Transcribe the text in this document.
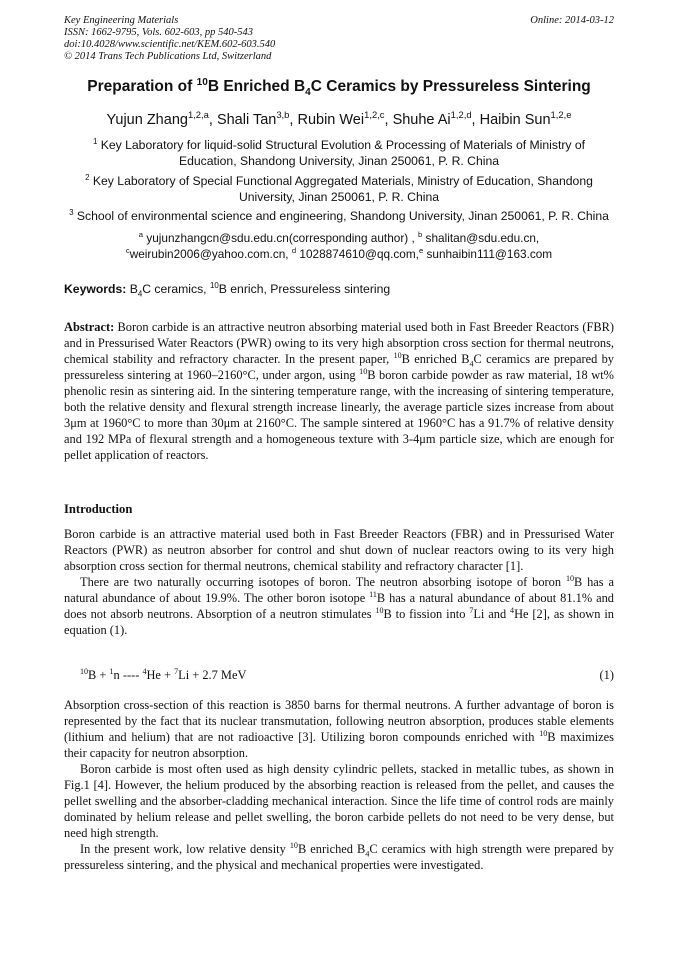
Key Engineering Materials
ISSN: 1662-9795, Vols. 602-603, pp 540-543
doi:10.4028/www.scientific.net/KEM.602-603.540
© 2014 Trans Tech Publications Ltd, Switzerland
Online: 2014-03-12
Preparation of $^{10}$B Enriched $B_4C$ Ceramics by Pressureless Sintering
Yujun Zhang$^{1,2,a}$, Shali Tan$^{3,b}$, Rubin Wei$^{1,2,c}$, Shuhe Ai$^{1,2,d}$, Haibin Sun$^{1,2,e}$
$^1$ Key Laboratory for liquid-solid Structural Evolution & Processing of Materials of Ministry of Education, Shandong University, Jinan 250061, P. R. China
$^2$ Key Laboratory of Special Functional Aggregated Materials, Ministry of Education, Shandong University, Jinan 250061, P. R. China
$^3$ School of environmental science and engineering, Shandong University, Jinan 250061, P. R. China
$^a$ yujunzhangcn@sdu.edu.cn(corresponding author) , $^b$ shalitan@sdu.edu.cn,
$^c$weirubin2006@yahoo.com.cn, $^d$ 1028874610@qq.com,$^e$ sunhaibin111@163.com
Keywords: $B_4C$ ceramics, $^{10}$B enrich, Pressureless sintering
Abstract: Boron carbide is an attractive neutron absorbing material used both in Fast Breeder Reactors (FBR) and in Pressurised Water Reactors (PWR) owing to its very high absorption cross section for thermal neutrons, chemical stability and refractory character. In the present paper, $^{10}$B enriched $B_4C$ ceramics are prepared by pressureless sintering at 1960–2160°C, under argon, using $^{10}$B boron carbide powder as raw material, 18 wt% phenolic resin as sintering aid. In the sintering temperature range, with the increasing of sintering temperature, both the relative density and flexural strength increase linearly, the average particle sizes increase from about 3μm at 1960°C to more than 30μm at 2160°C. The sample sintered at 1960°C has a 91.7% of relative density and 192 MPa of flexural strength and a homogeneous texture with 3-4μm particle size, which are enough for pellet application of reactors.
Introduction

Boron carbide is an attractive material used both in Fast Breeder Reactors (FBR) and in Pressurised Water Reactors (PWR) as neutron absorber for control and shut down of nuclear reactors owing to its very high absorption cross section for thermal neutrons, chemical stability and refractory character [1].

There are two naturally occurring isotopes of boron. The neutron absorbing isotope of boron $^{10}$B has a natural abundance of about 19.9%. The other boron isotope $^{11}$B has a natural abundance of about 81.1% and does not absorb neutrons. Absorption of a neutron stimulates $^{10}$B to fission into $^7$Li and $^4$He [2], as shown in equation (1).

$^{10}$B + $^1$n ---- $^4$He + $^7$Li + 2.7 MeV	(1)

Absorption cross-section of this reaction is 3850 barns for thermal neutrons. A further advantage of boron is represented by the fact that its nuclear transmutation, following neutron absorption, produces stable elements (lithium and helium) that are not radioactive [3]. Utilizing boron compounds enriched with $^{10}$B maximizes their capacity for neutron absorption.

Boron carbide is most often used as high density cylindric pellets, stacked in metallic tubes, as shown in Fig.1 [4]. However, the helium produced by the absorbing reaction is released from the pellet, and causes the pellet swelling and the absorber-cladding mechanical interaction. Since the life time of control rods are mainly dominated by helium release and pellet swelling, the boron carbide pellets do not need to be very dense, but need high strength.

In the present work, low relative density $^{10}$B enriched $B_4C$ ceramics with high strength were prepared by pressureless sintering, and the physical and mechanical properties were investigated.
